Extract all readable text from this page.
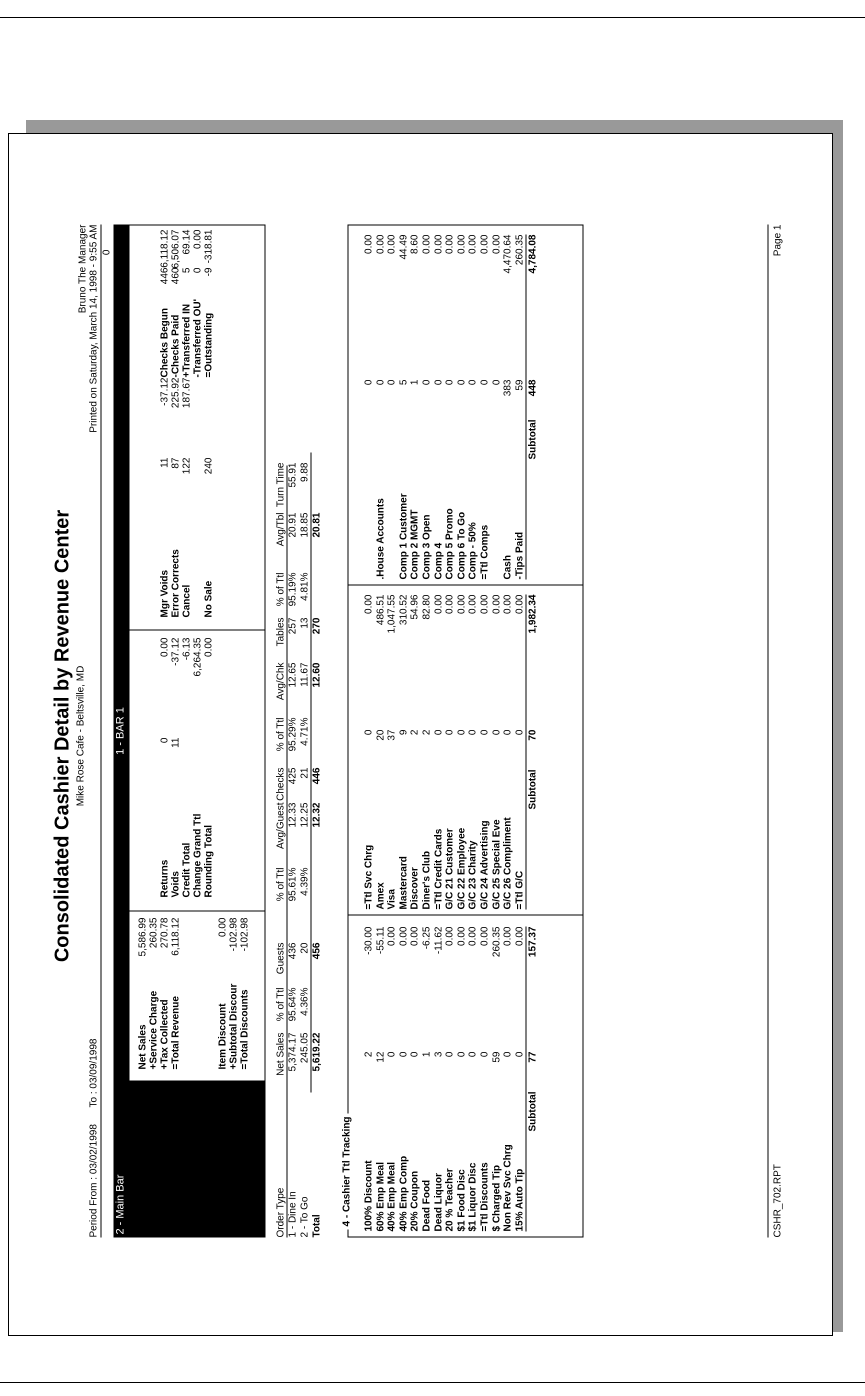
Consolidated Cashier Detail by Revenue Center Mike Rose Cafe - Beltsville, MD
Period From : 03/02/1998
To : 03/09/1998
Bruno The Manager Printed on Saturday, March 14, 1998 - 9:55 AM 0
2 - Main Bar
1 - BAR 1
Net Sales +Service Charge +Tax Collected =Total Revenue
5,586.99 260.35 270.78 6,118.12
Item Discount +Subtotal Discour =Total Discounts
0.00 -102.98 -102.98
Returns Voids Credit Total Change Grand Ttl Rounding Total
0 11

0.00 -37.12 -6.13 6,264.35 0.00
Mgr Voids Error Corrects Cancel
No Sale
11 87 122
240
-37.12 225.92 187.67
Checks Begun -Checks Paid +Transferred IN -Transferred OU' =Outstanding
446 460 5 0 -9
6,118.12 6,506.07 69.14 0.00 -318.81
Order Type
Net Sales
% of Ttl
Guests
% of Ttl
Avg/Guest
Checks
% of Ttl
Avg/Chk
Tables
% of Ttl
Avg/Tbl
Turn Time
1 - Dine In
5,374.17
95.64%
436
95.61%
12.33
425
95.29%
12.65
257
95.19%
20.91
55.91
2 - To Go
245.05
4.36%
20
4.39%
12.25
21
4.71%
11.67
13
4.81%
18.85
9.88
Total
5,619.22
456
12.32
446
12.60
270
20.81
4 - Cashier Ttl Tracking 100% Discount
2
-30.00
60% Emp Meal
12
-55.11
40% Emp Meal
0
0.00
40% Emp Comp
0
0.00
20% Coupon
0
0.00
Dead Food
1
-6.25
Dead Liquor
3
-11.62
20 % Teacher
0
0.00
$1 Food Disc
0
0.00
$1 Liquor Disc
0
0.00
=Ttl Discounts
0
0.00
$ Charged Tip
59
260.35
Non Rev Svc Chrg
0
0.00
15% Auto Tip
0
0.00
Subtotal
77
157.37
=Ttl Svc Chrg
0
0.00
Amex
20
486.51
Visa
37
1,047.55
Mastercard
9
310.52
Discover
2
54.96
Diner's Club
2
82.80
=Ttl Credit Cards
0
0.00
G/C 21 Customer
0
0.00
G/C 22 Employee
0
0.00
G/C 23 Charity
0
0.00
G/C 24 Advertising
0
0.00
G/C 25 Special Eve
0
0.00
G/C 26 Compliment
0
0.00
=Ttl G/C
0
0.00
Subtotal
70
1,982.34
0
0.00
.House Accounts
0
0.00
0
0.00
Comp 1 Customer
5
44.49
Comp 2 MGMT
1
8.60
Comp 3 Open
0
0.00
Comp 4
0
0.00
Comp 5 Promo
0
0.00
Comp 6 To Go
0
0.00
Comp - 50%
0
0.00
=Ttl Comps
0
0.00
0
0.00
Cash
383
4,470.64
-Tips Paid
59
260.35
Subtotal
448
4,784.08
CSHR_702.RPT
Page 1
